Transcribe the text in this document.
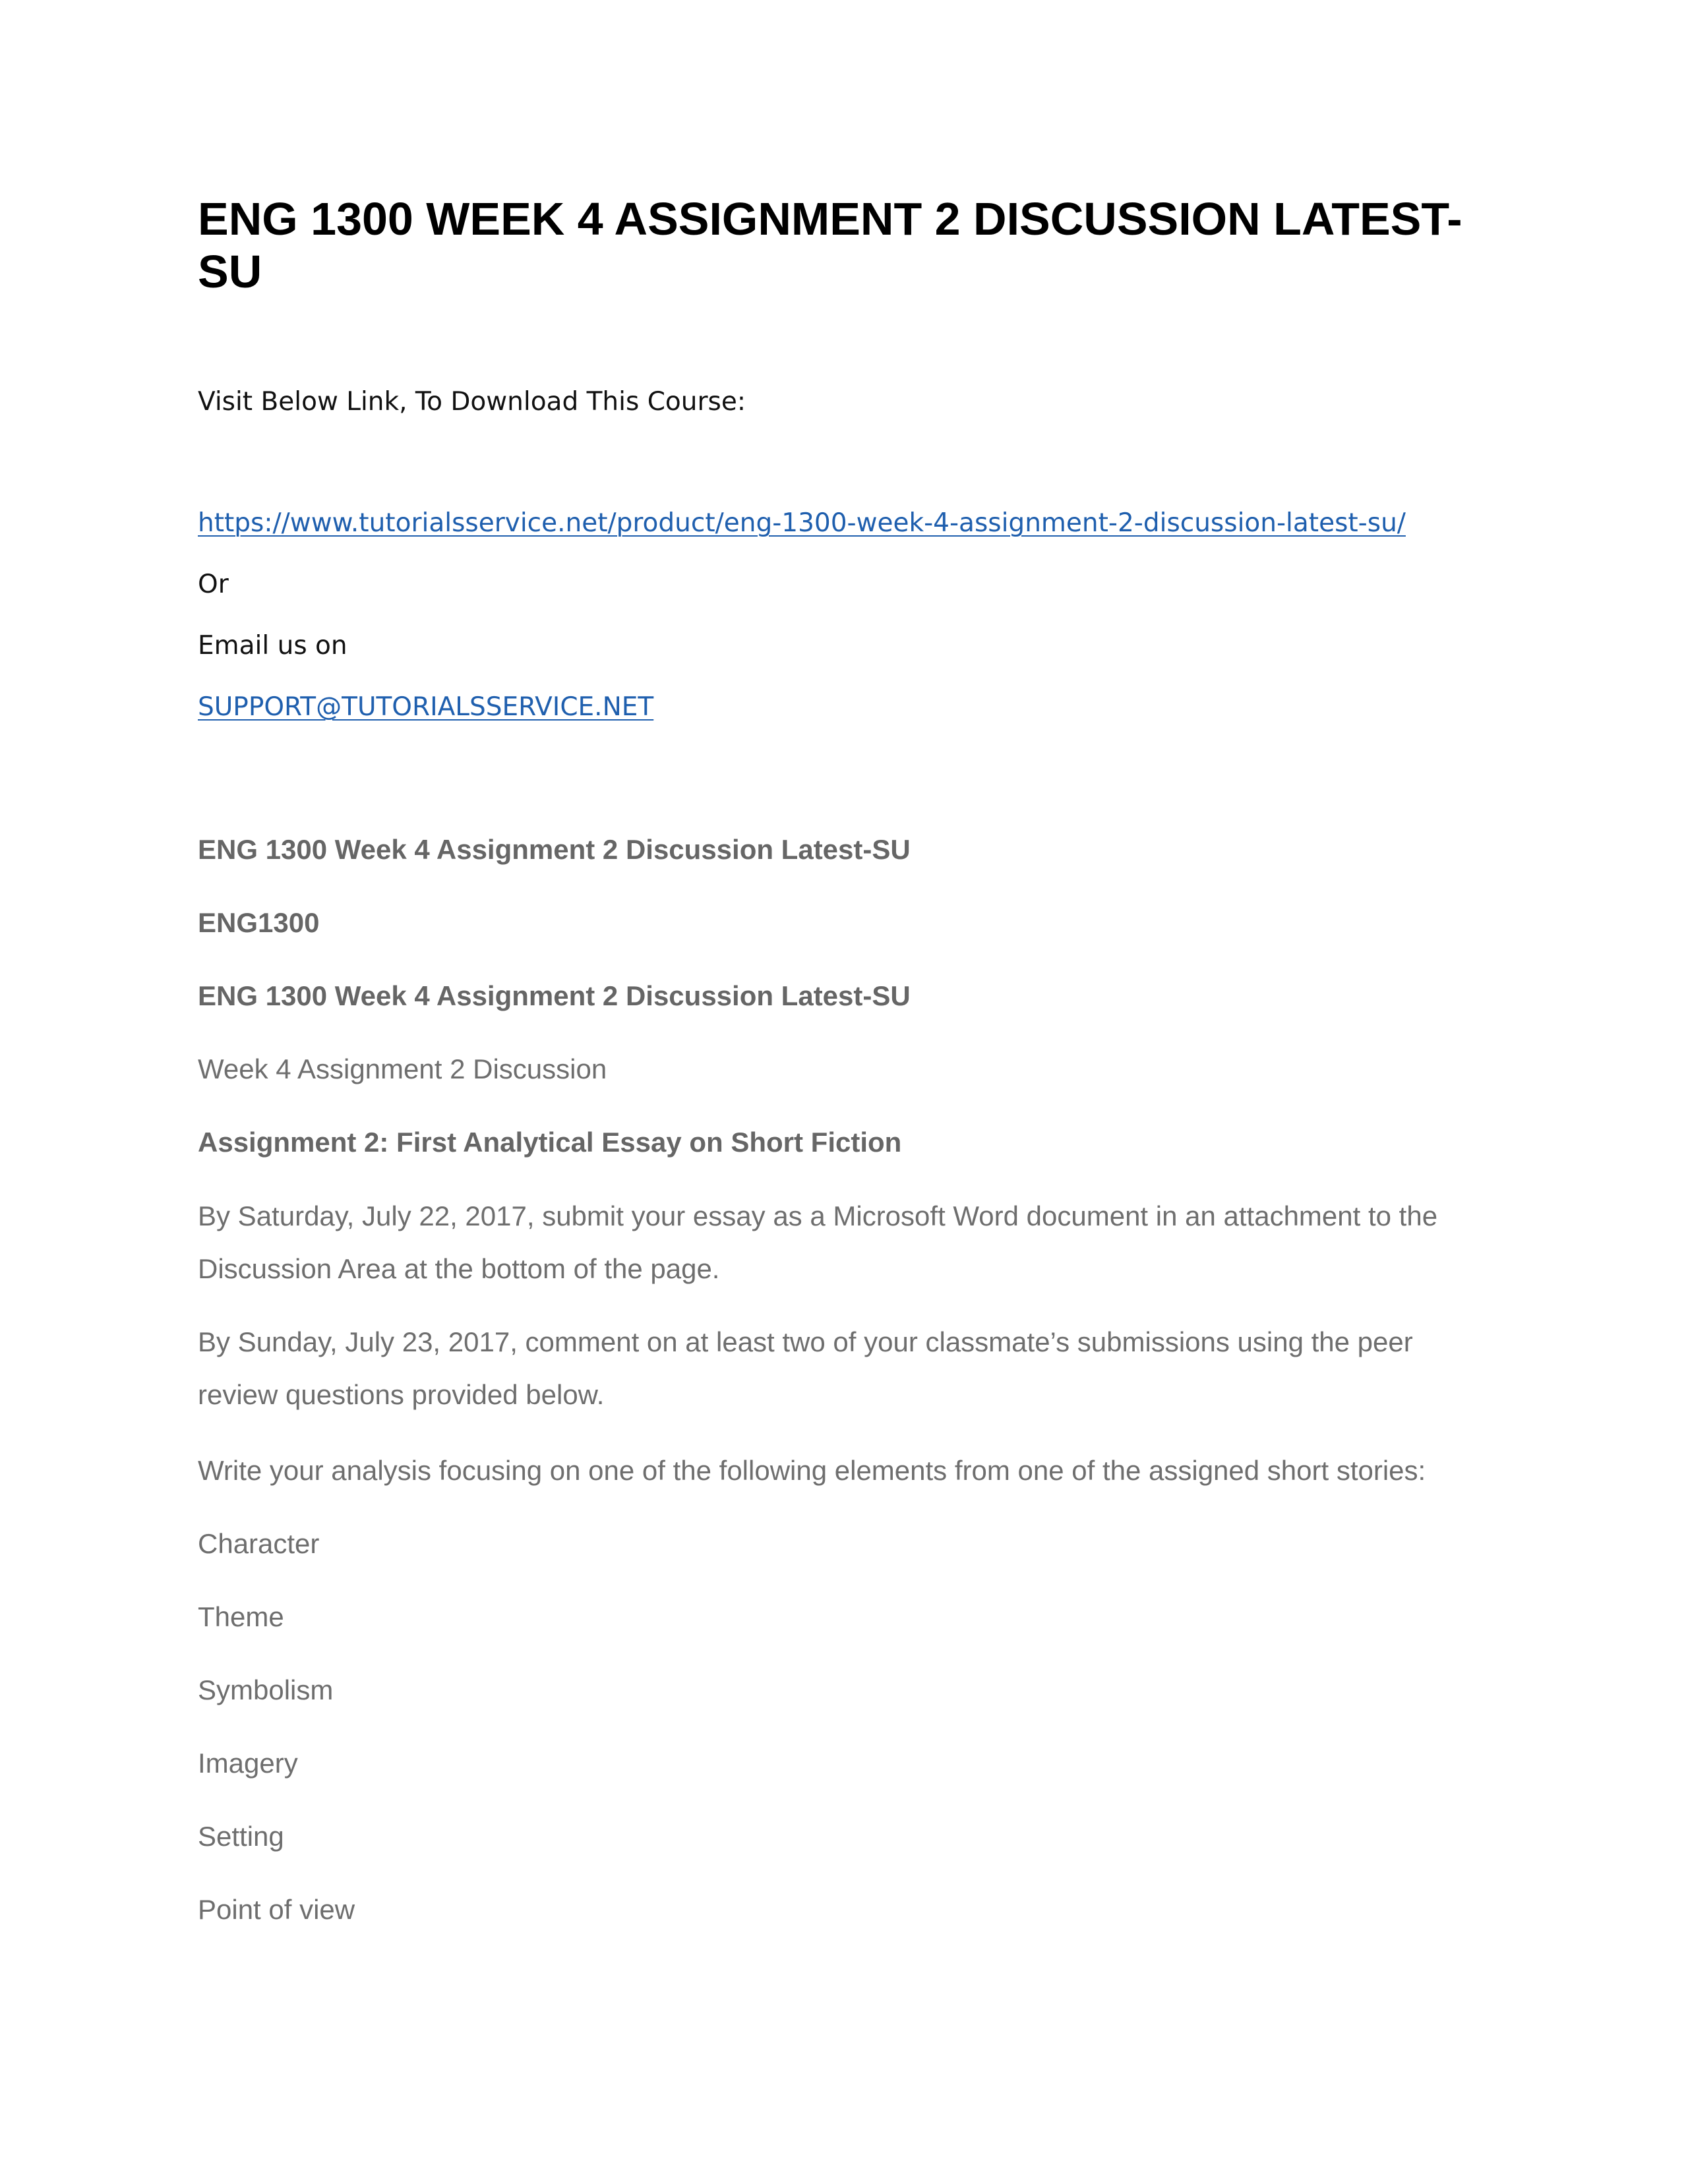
ENG 1300 WEEK 4 ASSIGNMENT 2 DISCUSSION LATEST-SU

Visit Below Link, To Download This Course:

https://www.tutorialsservice.net/product/eng-1300-week-4-assignment-2-discussion-latest-su/

Or

Email us on

SUPPORT@TUTORIALSSERVICE.NET

ENG 1300 Week 4 Assignment 2 Discussion Latest-SU

ENG1300

ENG 1300 Week 4 Assignment 2 Discussion Latest-SU

Week 4 Assignment 2 Discussion

Assignment 2: First Analytical Essay on Short Fiction

By Saturday, July 22, 2017, submit your essay as a Microsoft Word document in an attachment to the Discussion Area at the bottom of the page.

By Sunday, July 23, 2017, comment on at least two of your classmate’s submissions using the peer review questions provided below.

Write your analysis focusing on one of the following elements from one of the assigned short stories:

Character

Theme

Symbolism

Imagery

Setting

Point of view
